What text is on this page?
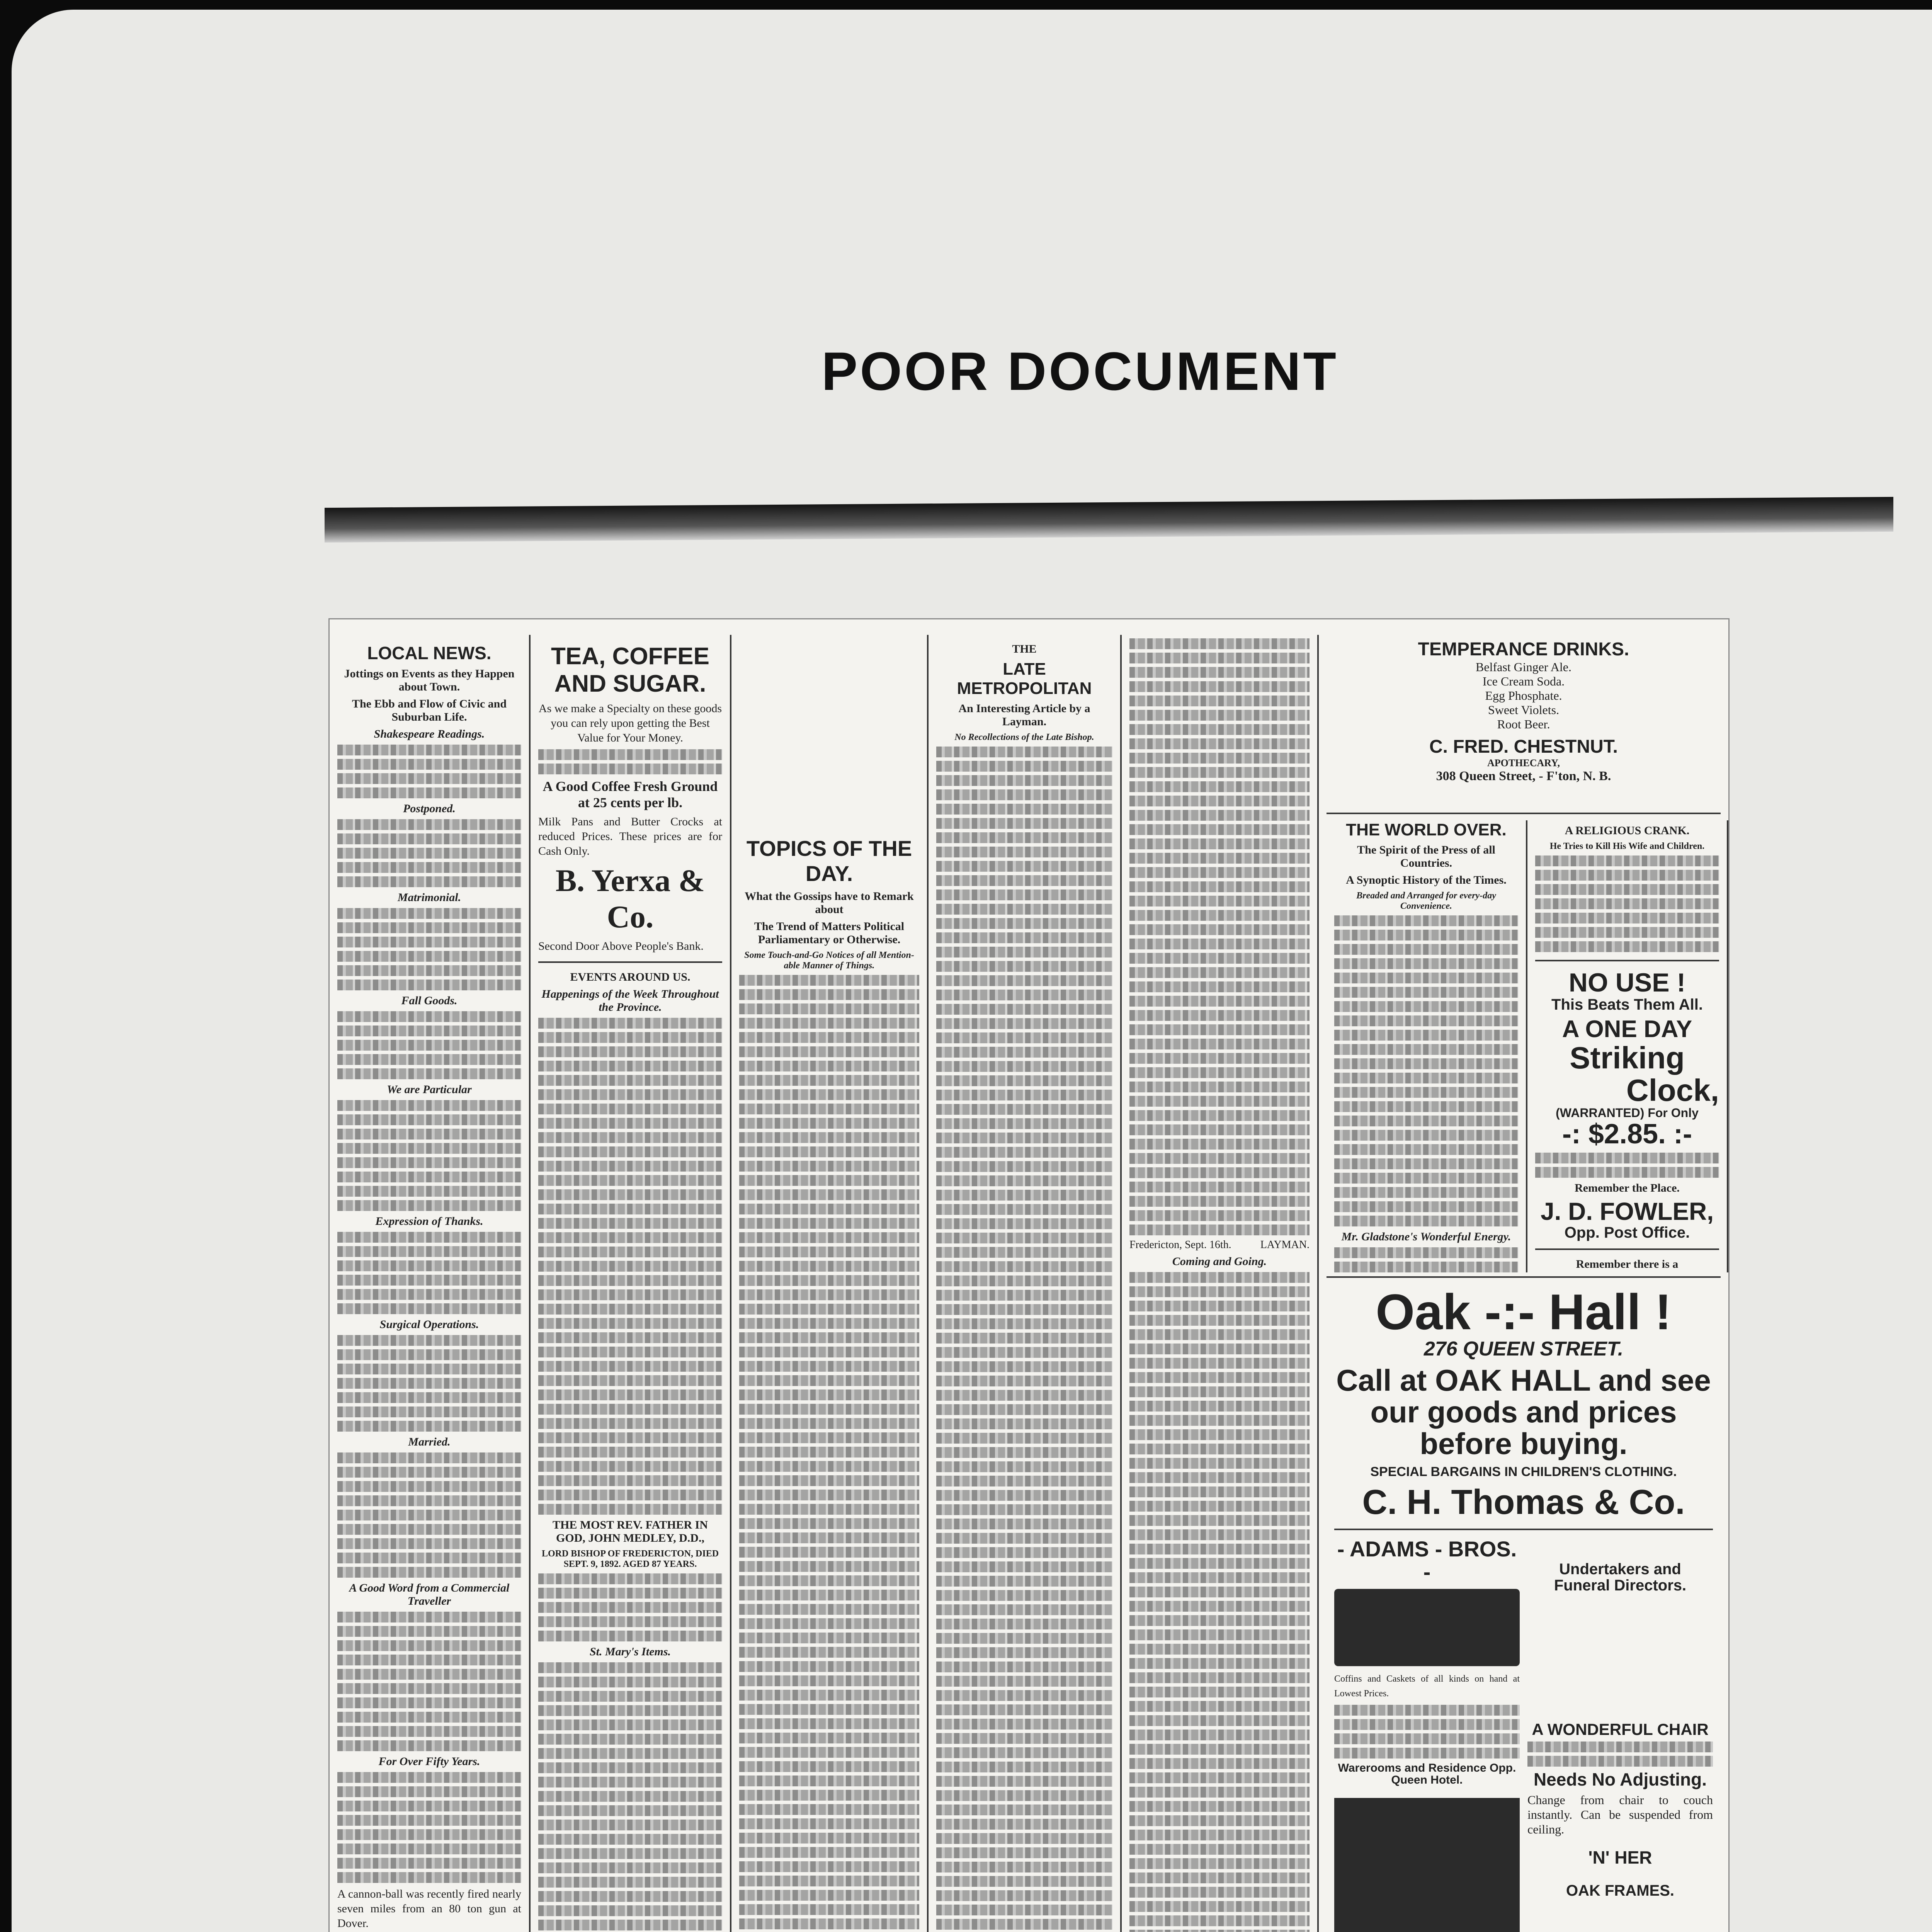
POOR DOCUMENT
LOCAL NEWS.
Jottings on Events as they Happen about Town.
The Ebb and Flow of Civic and Suburban Life.
Shakespeare Readings.
Postponed.
Matrimonial.
Fall Goods.
We are Particular
Expression of Thanks.
Surgical Operations.
Married.
A Good Word from a Commercial Traveller
For Over Fifty Years.
A cannon-ball was recently fired nearly seven miles from an 80 ton gun at Dover.
TEA, COFFEE AND SUGAR.
As we make a Specialty on these goods you can rely upon getting the Best Value for Your Money.
A Good Coffee Fresh Ground at 25 cents per lb.
Milk Pans and Butter Crocks at reduced Prices. These prices are for Cash Only.
B. Yerxa & Co.
Second Door Above People's Bank.
EVENTS AROUND US.
Happenings of the Week Throughout the Province.
THE MOST REV. FATHER IN GOD, JOHN MEDLEY, D.D.,
LORD BISHOP OF FREDERICTON, DIED SEPT. 9, 1892. AGED 87 YEARS.
St. Mary's Items.
TOPICS OF THE DAY.
What the Gossips have to Remark about
The Trend of Matters Political Parliamentary or Otherwise.
Some Touch-and-Go Notices of all Mention-able Manner of Things.
THE
LATE METROPOLITAN
An Interesting Article by a Layman.
No Recollections of the Late Bishop.
Fredericton, Sept. 16th.	LAYMAN.
Coming and Going.
TEMPERANCE DRINKS.
Belfast Ginger Ale.
Ice Cream Soda.
Egg Phosphate.
Sweet Violets.
Root Beer.
C. FRED. CHESTNUT.
APOTHECARY,
308 Queen Street, - F'ton, N. B.
THE WORLD OVER.
The Spirit of the Press of all Countries.
A Synoptic History of the Times.
Breaded and Arranged for every-day Convenience.
Mr. Gladstone's Wonderful Energy.
A RELIGIOUS CRANK.
He Tries to Kill His Wife and Children.
NO USE !
This Beats Them All.
A ONE DAY
Striking
Clock,
(WARRANTED) For Only
-: $2.85. :-
Remember the Place.
J. D. FOWLER,
Opp. Post Office.
Remember there is a
Oak -:- Hall !
276 QUEEN STREET.
Call at OAK HALL and see
our goods and prices
before buying.
SPECIAL BARGAINS IN CHILDREN'S CLOTHING.
C. H. Thomas & Co.
- ADAMS - BROS. -
Coffins and Caskets of all kinds on hand at Lowest Prices.
Warerooms and Residence Opp. Queen Hotel.
Undertakers and
Funeral Directors.
A WONDERFUL CHAIR
Needs No Adjusting.
Change from chair to couch instantly. Can be suspended from ceiling.
'N' HER
OAK FRAMES.
